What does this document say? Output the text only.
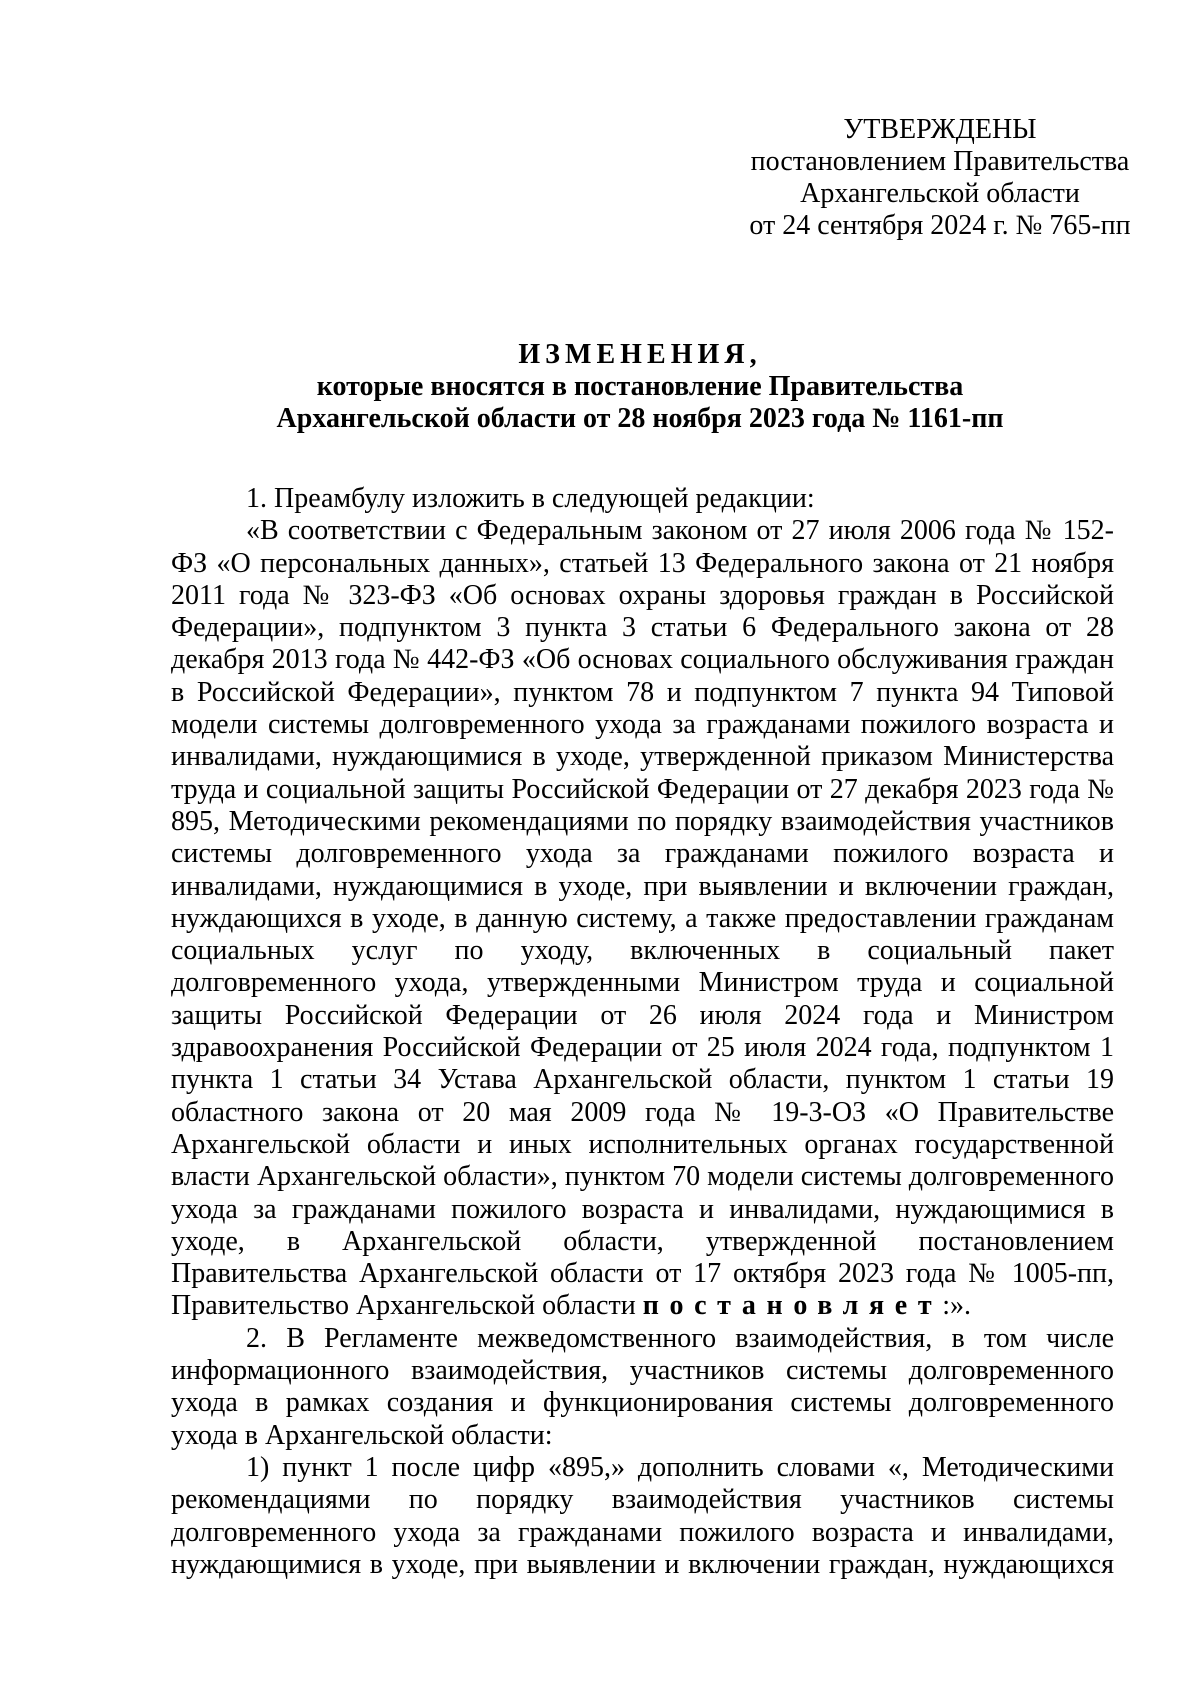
УТВЕРЖДЕНЫ
постановлением Правительства
Архангельской области
от 24 сентября 2024 г. № 765-пп
ИЗМЕНЕНИЯ,
которые вносятся в постановление Правительства
Архангельской области от 28 ноября 2023 года № 1161-пп

1. Преамбулу изложить в следующей редакции:

«В соответствии с Федеральным законом от 27 июля 2006 года № 152-ФЗ «О персональных данных», статьей 13 Федерального закона от 21 ноября 2011 года № 323-ФЗ «Об основах охраны здоровья граждан в Российской Федерации», подпунктом 3 пункта 3 статьи 6 Федерального закона от 28 декабря 2013 года № 442-ФЗ «Об основах социального обслуживания граждан в Российской Федерации», пунктом 78 и подпунктом 7 пункта 94 Типовой модели системы долговременного ухода за гражданами пожилого возраста и инвалидами, нуждающимися в уходе, утвержденной приказом Министерства труда и социальной защиты Российской Федерации от 27 декабря 2023 года № 895, Методическими рекомендациями по порядку взаимодействия участников системы долговременного ухода за гражданами пожилого возраста и инвалидами, нуждающимися в уходе, при выявлении и включении граждан, нуждающихся в уходе, в данную систему, а также предоставлении гражданам социальных услуг по уходу, включенных в социальный пакет долговременного ухода, утвержденными Министром труда и социальной защиты Российской Федерации от 26 июля 2024 года и Министром здравоохранения Российской Федерации от 25 июля 2024 года, подпунктом 1 пункта 1 статьи 34 Устава Архангельской области, пунктом 1 статьи 19 областного закона от 20 мая 2009 года № 19-3-ОЗ «О Правительстве Архангельской области и иных исполнительных органах государственной власти Архангельской области», пунктом 70 модели системы долговременного ухода за гражданами пожилого возраста и инвалидами, нуждающимися в уходе, в Архангельской области, утвержденной постановлением Правительства Архангельской области от 17 октября 2023 года № 1005-пп, Правительство Архангельской области постановляет:».

2. В Регламенте межведомственного взаимодействия, в том числе информационного взаимодействия, участников системы долговременного ухода в рамках создания и функционирования системы долговременного ухода в Архангельской области:

1) пункт 1 после цифр «895,» дополнить словами «, Методическими рекомендациями по порядку взаимодействия участников системы долговременного ухода за гражданами пожилого возраста и инвалидами, нуждающимися в уходе, при выявлении и включении граждан, нуждающихся
